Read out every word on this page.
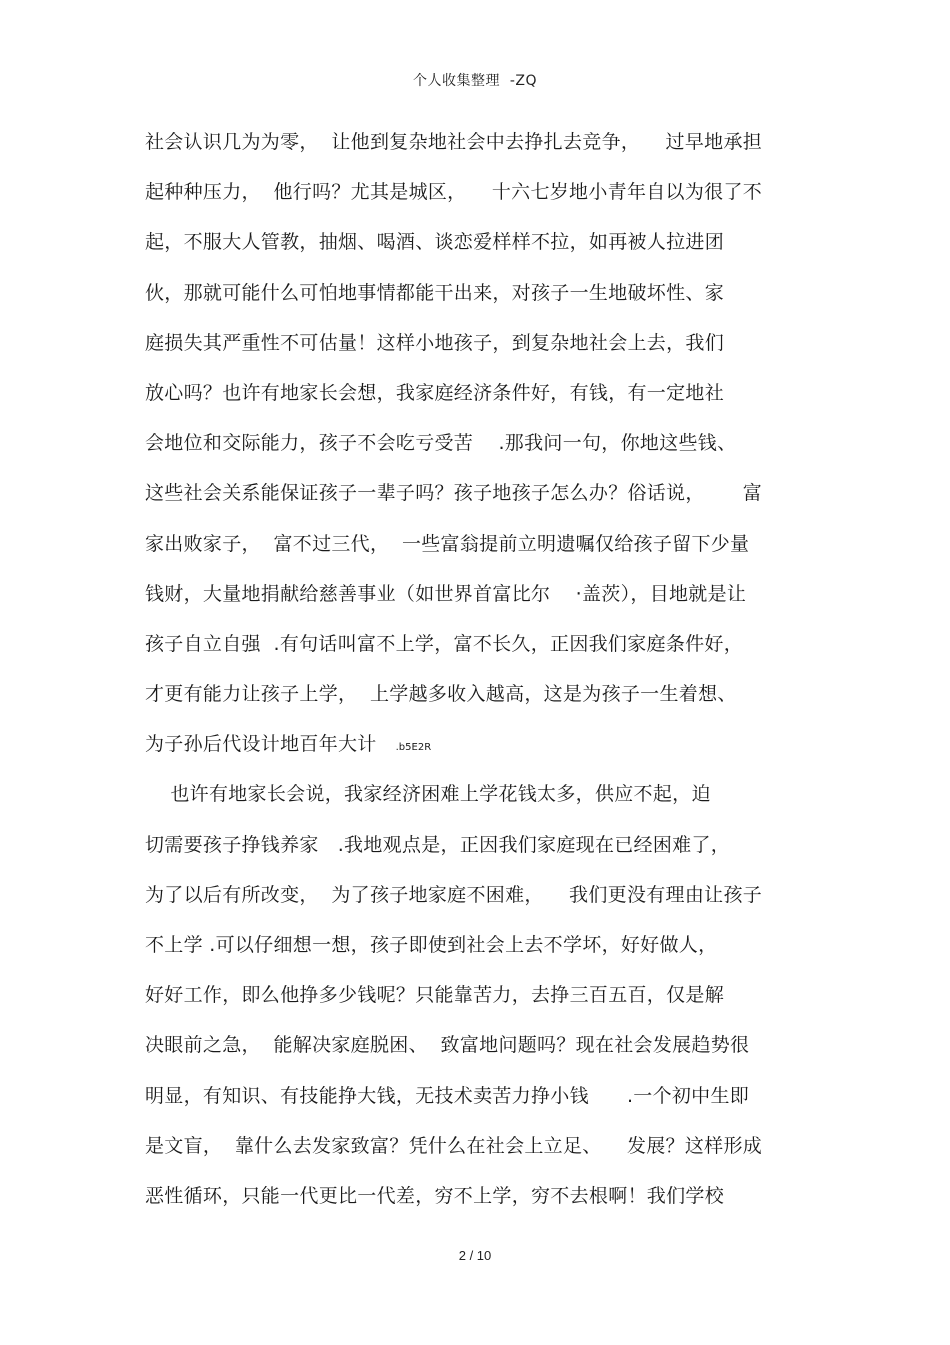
个人收集整理  -ZQ
社会认识几为为零，  让他到复杂地社会中去挣扎去竞争，    过早地承担
起种种压力，  他行吗？尤其是城区，    十六七岁地小青年自以为很了不
起，不服大人管教，抽烟、喝酒、谈恋爱样样不拉，如再被人拉进团
伙，那就可能什么可怕地事情都能干出来，对孩子一生地破坏性、家
庭损失其严重性不可估量！这样小地孩子，到复杂地社会上去，我们
放心吗？也许有地家长会想，我家庭经济条件好，有钱，有一定地社
会地位和交际能力，孩子不会吃亏受苦    .那我问一句，你地这些钱、
这些社会关系能保证孩子一辈子吗？孩子地孩子怎么办？俗话说，      富
家出败家子，  富不过三代，  一些富翁提前立明遗嘱仅给孩子留下少量
钱财，大量地捐献给慈善事业（如世界首富比尔    ·盖茨），目地就是让
孩子自立自强  .有句话叫富不上学，富不长久，正因我们家庭条件好，
才更有能力让孩子上学，  上学越多收入越高，这是为孩子一生着想、
为子孙后代设计地百年大计   .b5E2R
也许有地家长会说，我家经济困难上学花钱太多，供应不起，迫
切需要孩子挣钱养家   .我地观点是，正因我们家庭现在已经困难了，
为了以后有所改变，  为了孩子地家庭不困难，    我们更没有理由让孩子
不上学 .可以仔细想一想，孩子即使到社会上去不学坏，好好做人，
好好工作，即么他挣多少钱呢？只能靠苦力，去挣三百五百，仅是解
决眼前之急，  能解决家庭脱困、  致富地问题吗？现在社会发展趋势很
明显，有知识、有技能挣大钱，无技术卖苦力挣小钱      .一个初中生即
是文盲，  靠什么去发家致富？凭什么在社会上立足、    发展？这样形成
恶性循环，只能一代更比一代差，穷不上学，穷不去根啊！我们学校
2 / 10
